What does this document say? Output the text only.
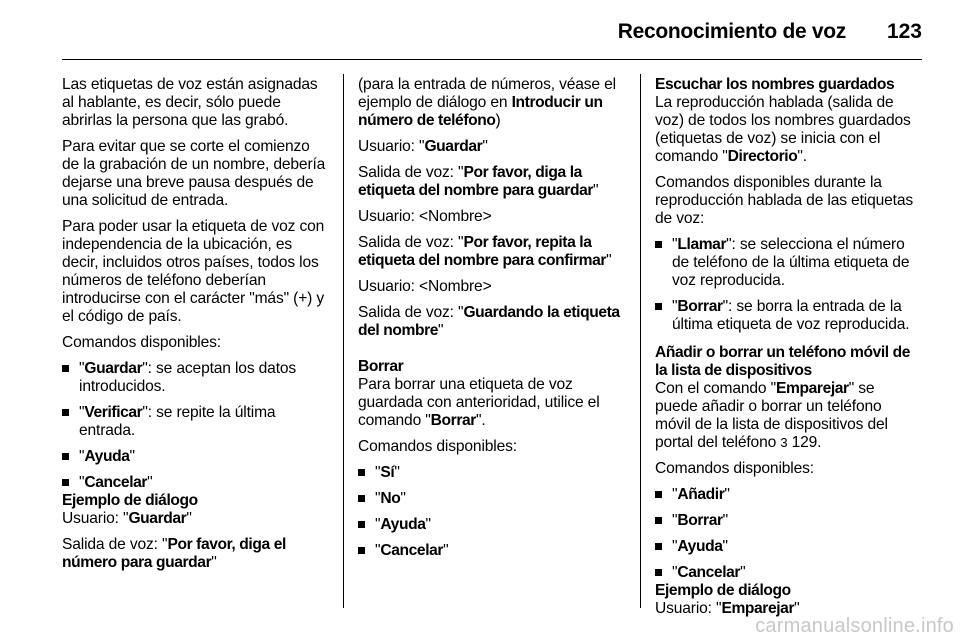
Reconocimiento de voz 123

Las etiquetas de voz están asignadas al hablante, es decir, sólo puede abrirlas la persona que las grabó.

Para evitar que se corte el comienzo de la grabación de un nombre, debería dejarse una breve pausa después de una solicitud de entrada.

Para poder usar la etiqueta de voz con independencia de la ubicación, es decir, incluidos otros países, todos los números de teléfono deberían introducirse con el carácter "más" (+) y el código de país.

Comandos disponibles:

"Guardar": se aceptan los datos introducidos.
"Verificar": se repite la última entrada.
"Ayuda"
"Cancelar"

Ejemplo de diálogo

Usuario: "Guardar"

Salida de voz: "Por favor, diga el número para guardar"

(para la entrada de números, véase el ejemplo de diálogo en Introducir un número de teléfono)

Usuario: "Guardar"

Salida de voz: "Por favor, diga la etiqueta del nombre para guardar"

Usuario: <Nombre>

Salida de voz: "Por favor, repita la etiqueta del nombre para confirmar"

Usuario: <Nombre>

Salida de voz: "Guardando la etiqueta del nombre"

Borrar

Para borrar una etiqueta de voz guardada con anterioridad, utilice el comando "Borrar".

Comandos disponibles:

"Sí"
"No"
"Ayuda"
"Cancelar"

Escuchar los nombres guardados

La reproducción hablada (salida de voz) de todos los nombres guardados (etiquetas de voz) se inicia con el comando "Directorio".

Comandos disponibles durante la reproducción hablada de las etiquetas de voz:

"Llamar": se selecciona el número de teléfono de la última etiqueta de voz reproducida.
"Borrar": se borra la entrada de la última etiqueta de voz reproducida.

Añadir o borrar un teléfono móvil de la lista de dispositivos

Con el comando "Emparejar" se puede añadir o borrar un teléfono móvil de la lista de dispositivos del portal del teléfono 3 129.

Comandos disponibles:

"Añadir"
"Borrar"
"Ayuda"
"Cancelar"

Ejemplo de diálogo

Usuario: "Emparejar"

carmanualsonline.info
